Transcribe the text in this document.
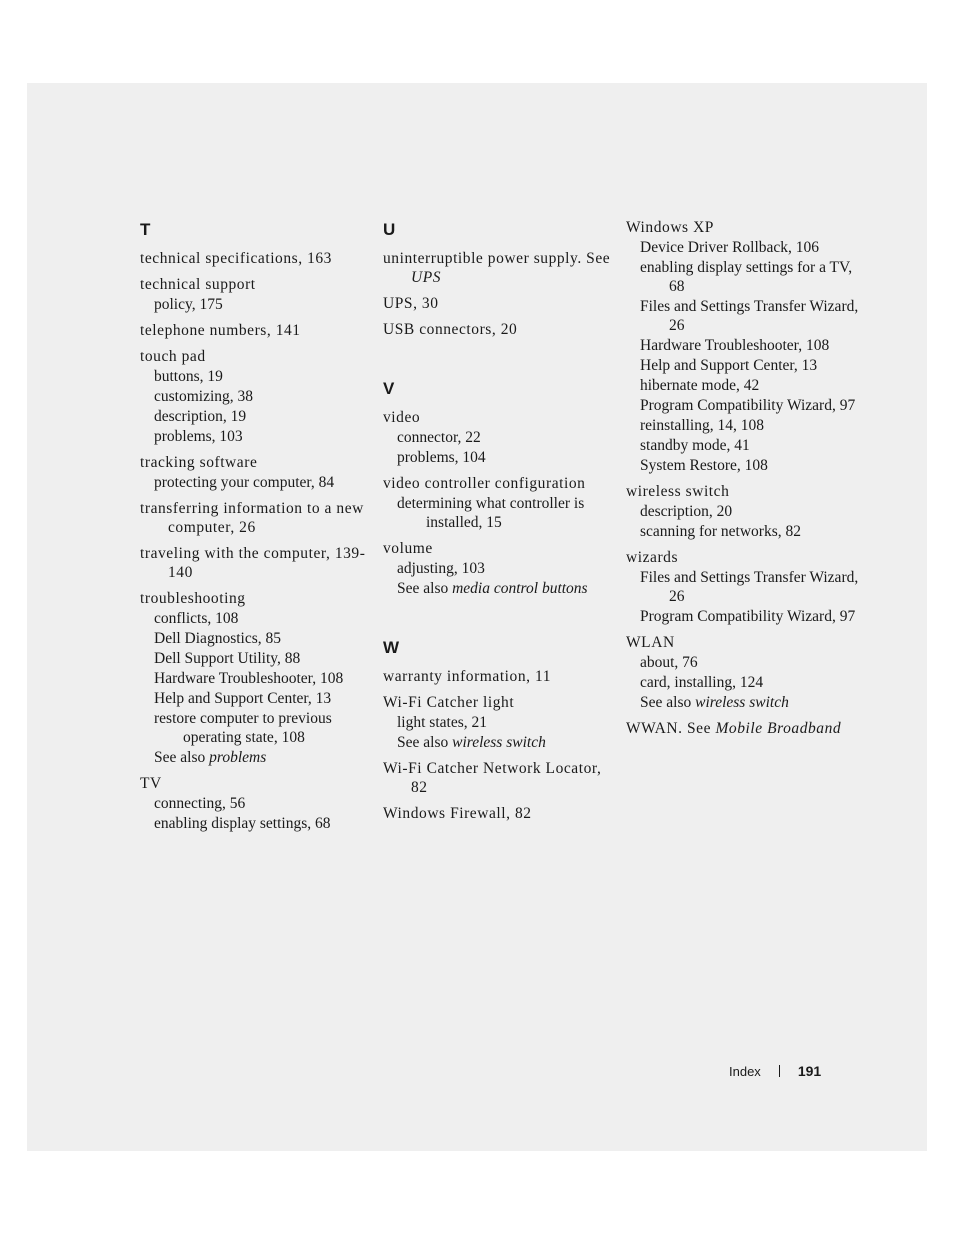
T
technical specifications, 163
technical support
policy, 175
telephone numbers, 141
touch pad
buttons, 19
customizing, 38
description, 19
problems, 103
tracking software
protecting your computer, 84
transferring information to a new computer, 26
traveling with the computer, 139-140
troubleshooting
conflicts, 108
Dell Diagnostics, 85
Dell Support Utility, 88
Hardware Troubleshooter, 108
Help and Support Center, 13
restore computer to previous operating state, 108
See also problems
TV
connecting, 56
enabling display settings, 68
U
uninterruptible power supply. See UPS
UPS, 30
USB connectors, 20
V
video
connector, 22
problems, 104
video controller configuration
determining what controller is installed, 15
volume
adjusting, 103
See also media control buttons
W
warranty information, 11
Wi-Fi Catcher light
light states, 21
See also wireless switch
Wi-Fi Catcher Network Locator, 82
Windows Firewall, 82
Windows XP
Device Driver Rollback, 106
enabling display settings for a TV, 68
Files and Settings Transfer Wizard, 26
Hardware Troubleshooter, 108
Help and Support Center, 13
hibernate mode, 42
Program Compatibility Wizard, 97
reinstalling, 14, 108
standby mode, 41
System Restore, 108
wireless switch
description, 20
scanning for networks, 82
wizards
Files and Settings Transfer Wizard, 26
Program Compatibility Wizard, 97
WLAN
about, 76
card, installing, 124
See also wireless switch
WWAN. See Mobile Broadband
Index	191
